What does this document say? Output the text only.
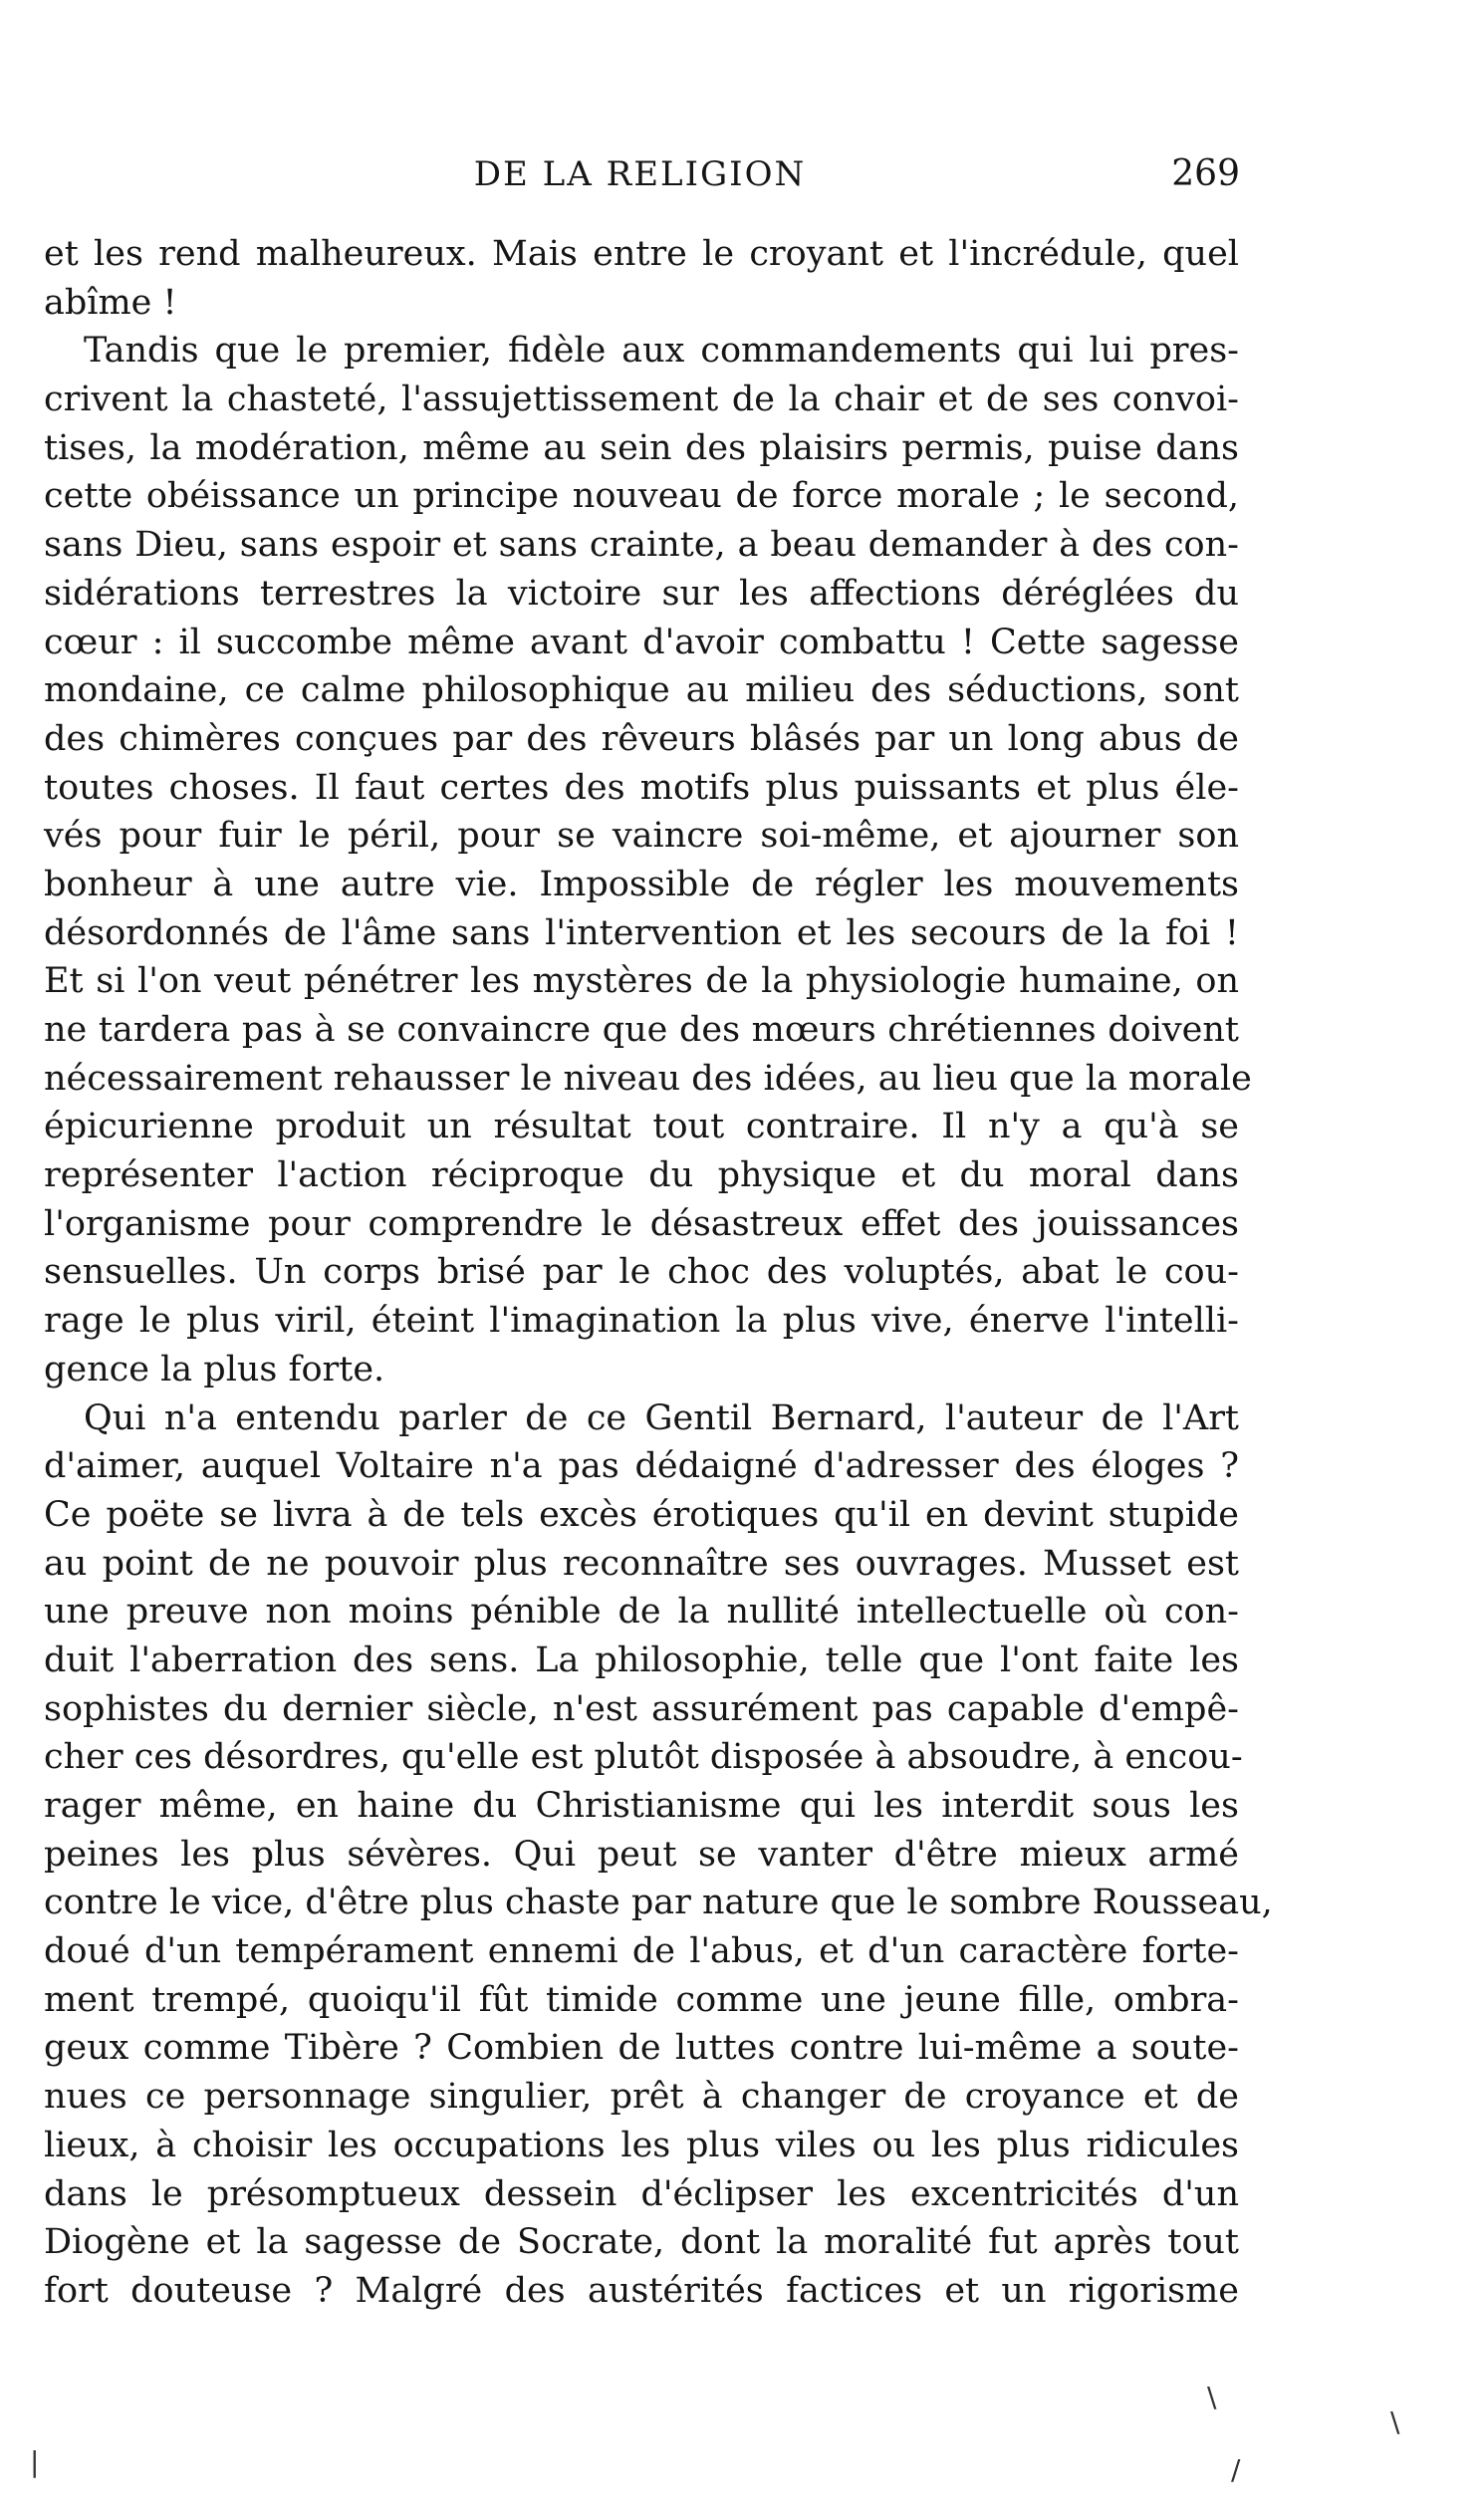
DE LA RELIGION	269
et les rend malheureux. Mais entre le croyant et l'incrédule, quel
abîme !
Tandis que le premier, fidèle aux commandements qui lui pres-
crivent la chasteté, l'assujettissement de la chair et de ses convoi-
tises, la modération, même au sein des plaisirs permis, puise dans
cette obéissance un principe nouveau de force morale ; le second,
sans Dieu, sans espoir et sans crainte, a beau demander à des con-
sidérations terrestres la victoire sur les affections déréglées du
cœur : il succombe même avant d'avoir combattu ! Cette sagesse
mondaine, ce calme philosophique au milieu des séductions, sont
des chimères conçues par des rêveurs blâsés par un long abus de
toutes choses. Il faut certes des motifs plus puissants et plus éle-
vés pour fuir le péril, pour se vaincre soi-même, et ajourner son
bonheur à une autre vie. Impossible de régler les mouvements
désordonnés de l'âme sans l'intervention et les secours de la foi !
Et si l'on veut pénétrer les mystères de la physiologie humaine, on
ne tardera pas à se convaincre que des mœurs chrétiennes doivent
nécessairement rehausser le niveau des idées, au lieu que la morale
épicurienne produit un résultat tout contraire. Il n'y a qu'à se
représenter l'action réciproque du physique et du moral dans
l'organisme pour comprendre le désastreux effet des jouissances
sensuelles. Un corps brisé par le choc des voluptés, abat le cou-
rage le plus viril, éteint l'imagination la plus vive, énerve l'intelli-
gence la plus forte.
Qui n'a entendu parler de ce Gentil Bernard, l'auteur de l'Art
d'aimer, auquel Voltaire n'a pas dédaigné d'adresser des éloges ?
Ce poëte se livra à de tels excès érotiques qu'il en devint stupide
au point de ne pouvoir plus reconnaître ses ouvrages. Musset est
une preuve non moins pénible de la nullité intellectuelle où con-
duit l'aberration des sens. La philosophie, telle que l'ont faite les
sophistes du dernier siècle, n'est assurément pas capable d'empê-
cher ces désordres, qu'elle est plutôt disposée à absoudre, à encou-
rager même, en haine du Christianisme qui les interdit sous les
peines les plus sévères. Qui peut se vanter d'être mieux armé
contre le vice, d'être plus chaste par nature que le sombre Rousseau,
doué d'un tempérament ennemi de l'abus, et d'un caractère forte-
ment trempé, quoiqu'il fût timide comme une jeune fille, ombra-
geux comme Tibère ? Combien de luttes contre lui-même a soute-
nues ce personnage singulier, prêt à changer de croyance et de
lieux, à choisir les occupations les plus viles ou les plus ridicules
dans le présomptueux dessein d'éclipser les excentricités d'un
Diogène et la sagesse de Socrate, dont la moralité fut après tout
fort douteuse ? Malgré des austérités factices et un rigorisme
\
\
/
|
